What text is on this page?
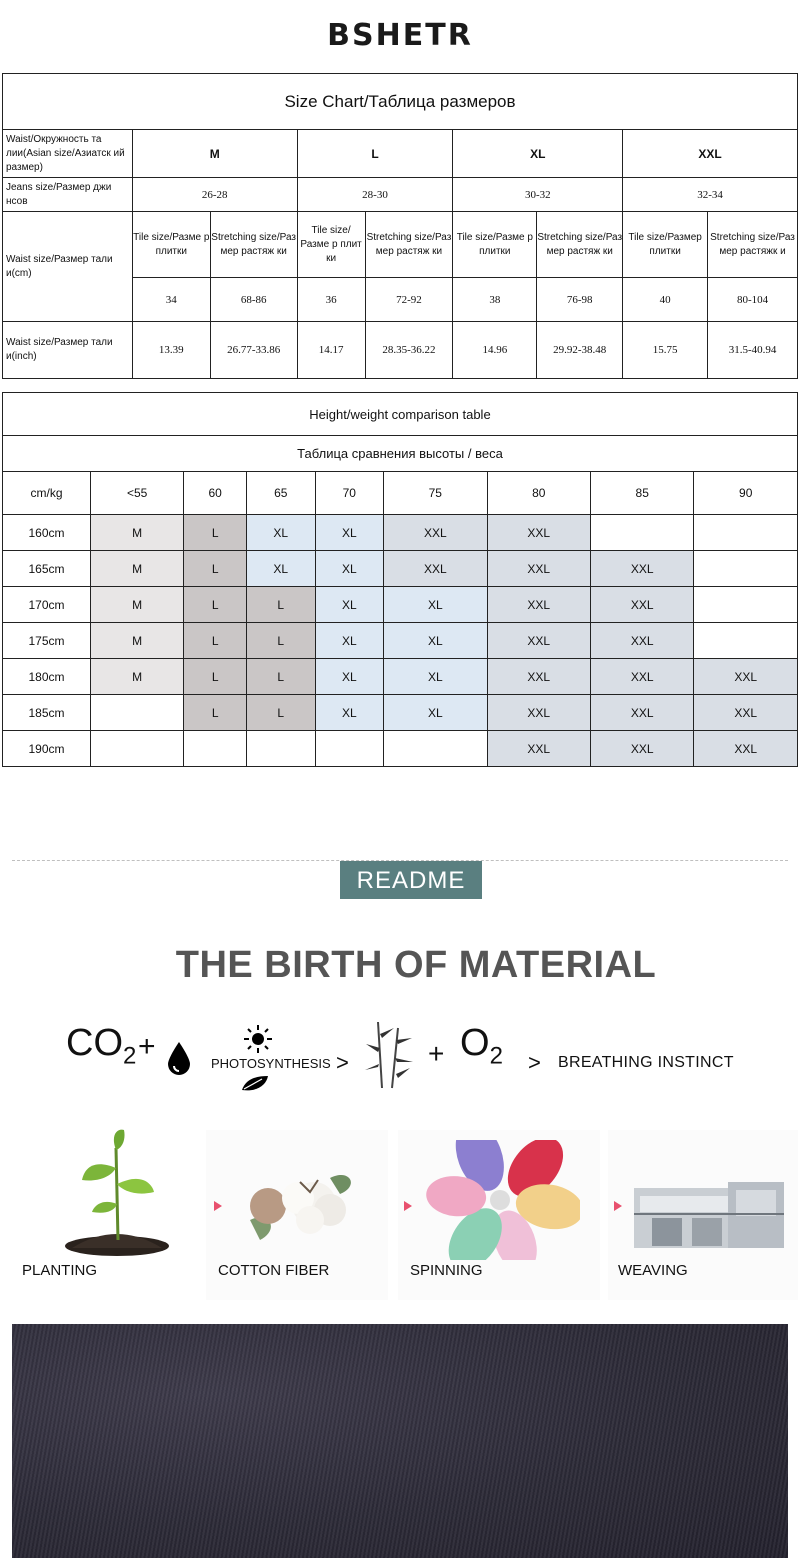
BSHETR
Size Chart/Таблица размеров								
Waist/Окружность та лии(Asian size/Азиатск ий размер)	M		L		XL		XXL	
Jeans size/Размер джи нсов	26-28		28-30		30-32		32-34	
Waist size/Размер тали и(cm)	Tile size/Разме р плитки	Stretching size/Раз мер растяж ки	Tile size/Разме р плит ки	Stretching size/Раз мер растяж ки	Tile size/Разме р плитки	Stretching size/Раз мер растяж ки	Tile size/Размер плитки	Stretching size/Раз мер растяжк и
	34	68-86	36	72-92	38	76-98	40	80-104
Waist size/Размер тали и(inch)	13.39	26.77-33.86	14.17	28.35-36.22	14.96	29.92-38.48	15.75	31.5-40.94
Height/weight comparison table								
Таблица сравнения высоты / веса								
cm/kg	<55	60	65	70	75	80	85	90
160cm	M	L	XL	XL	XXL	XXL		
165cm	M	L	XL	XL	XXL	XXL	XXL	
170cm	M	L	L	XL	XL	XXL	XXL	
175cm	M	L	L	XL	XL	XXL	XXL	
180cm	M	L	L	XL	XL	XXL	XXL	XXL
185cm		L	L	XL	XL	XXL	XXL	XXL
190cm						XXL	XXL	XXL
README
THE BIRTH OF MATERIAL
$CO_2$ +
PHOTOSYNTHESIS >	+ $O_2$ > BREATHING INSTINCT
PLANTING	COTTON FIBER	SPINNING	WEAVING
